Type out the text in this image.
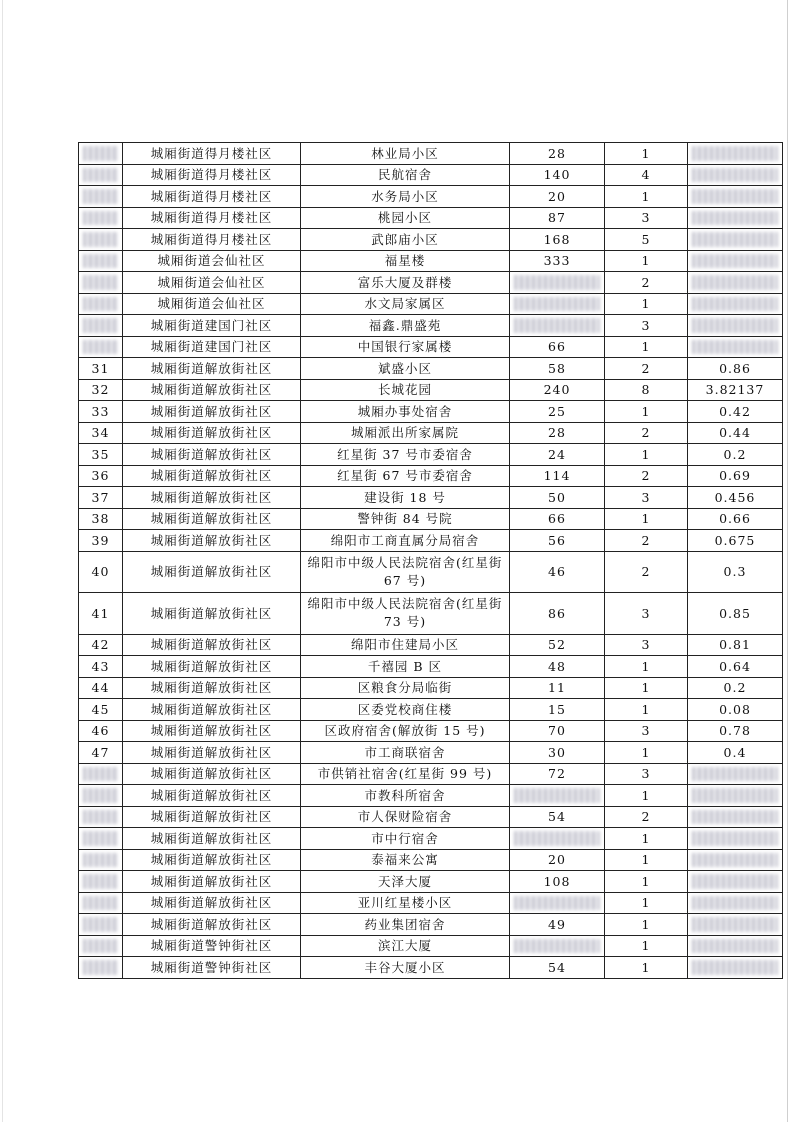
	城厢街道得月楼社区	林业局小区	28	1	

	城厢街道得月楼社区	民航宿舍	140	4	

	城厢街道得月楼社区	水务局小区	20	1	

	城厢街道得月楼社区	桃园小区	87	3	

	城厢街道得月楼社区	武郎庙小区	168	5	

	城厢街道会仙社区	福星楼	333	1	

	城厢街道会仙社区	富乐大厦及群楼		2	

	城厢街道会仙社区	水文局家属区		1	

	城厢街道建国门社区	福鑫.鼎盛苑		3	

	城厢街道建国门社区	中国银行家属楼	66	1	

31	城厢街道解放街社区	斌盛小区	58	2	0.86
32	城厢街道解放街社区	长城花园	240	8	3.82137
33	城厢街道解放街社区	城厢办事处宿舍	25	1	0.42
34	城厢街道解放街社区	城厢派出所家属院	28	2	0.44
35	城厢街道解放街社区	红星街 37 号市委宿舍	24	1	0.2
36	城厢街道解放街社区	红星街 67 号市委宿舍	114	2	0.69
37	城厢街道解放街社区	建设街 18 号	50	3	0.456
38	城厢街道解放街社区	警钟街 84 号院	66	1	0.66
39	城厢街道解放街社区	绵阳市工商直属分局宿舍	56	2	0.675
40	城厢街道解放街社区	绵阳市中级人民法院宿舍(红星街 67 号)	46	2	0.3
41	城厢街道解放街社区	绵阳市中级人民法院宿舍(红星街 73 号)	86	3	0.85
42	城厢街道解放街社区	绵阳市住建局小区	52	3	0.81
43	城厢街道解放街社区	千禧园 B 区	48	1	0.64
44	城厢街道解放街社区	区粮食分局临街	11	1	0.2
45	城厢街道解放街社区	区委党校商住楼	15	1	0.08
46	城厢街道解放街社区	区政府宿舍(解放街 15 号)	70	3	0.78
47	城厢街道解放街社区	市工商联宿舍	30	1	0.4

	城厢街道解放街社区	市供销社宿舍(红星街 99 号)	72	3	

	城厢街道解放街社区	市教科所宿舍		1	

	城厢街道解放街社区	市人保财险宿舍	54	2	

	城厢街道解放街社区	市中行宿舍		1	

	城厢街道解放街社区	泰福来公寓	20	1	

	城厢街道解放街社区	天泽大厦	108	1	

	城厢街道解放街社区	亚川红星楼小区		1	

	城厢街道解放街社区	药业集团宿舍	49	1	

	城厢街道警钟街社区	滨江大厦		1	

	城厢街道警钟街社区	丰谷大厦小区	54	1	
